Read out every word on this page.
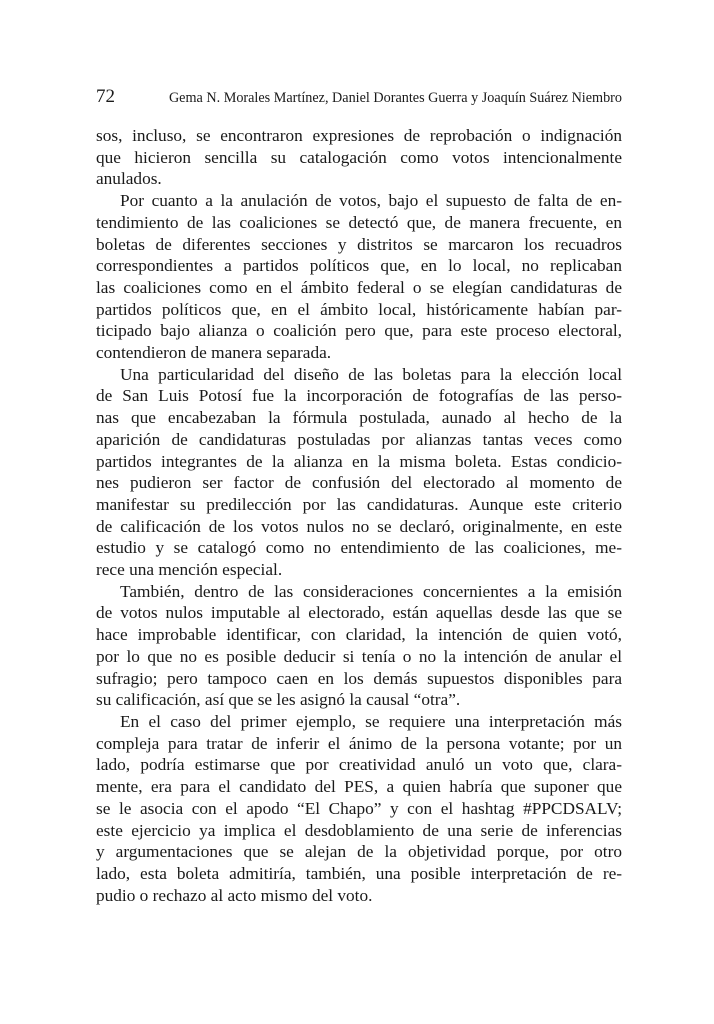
72	Gema N. Morales Martínez, Daniel Dorantes Guerra y Joaquín Suárez Niembro
sos, incluso, se encontraron expresiones de reprobación o indignación
que hicieron sencilla su catalogación como votos intencionalmente
anulados.
Por cuanto a la anulación de votos, bajo el supuesto de falta de en-
tendimiento de las coaliciones se detectó que, de manera frecuente, en
boletas de diferentes secciones y distritos se marcaron los recuadros
correspondientes a partidos políticos que, en lo local, no replicaban
las coaliciones como en el ámbito federal o se elegían candidaturas de
partidos políticos que, en el ámbito local, históricamente habían par-
ticipado bajo alianza o coalición pero que, para este proceso electoral,
contendieron de manera separada.
Una particularidad del diseño de las boletas para la elección local
de San Luis Potosí fue la incorporación de fotografías de las perso-
nas que encabezaban la fórmula postulada, aunado al hecho de la
aparición de candidaturas postuladas por alianzas tantas veces como
partidos integrantes de la alianza en la misma boleta. Estas condicio-
nes pudieron ser factor de confusión del electorado al momento de
manifestar su predilección por las candidaturas. Aunque este criterio
de calificación de los votos nulos no se declaró, originalmente, en este
estudio y se catalogó como no entendimiento de las coaliciones, me-
rece una mención especial.
También, dentro de las consideraciones concernientes a la emisión
de votos nulos imputable al electorado, están aquellas desde las que se
hace improbable identificar, con claridad, la intención de quien votó,
por lo que no es posible deducir si tenía o no la intención de anular el
sufragio; pero tampoco caen en los demás supuestos disponibles para
su calificación, así que se les asignó la causal “otra”.
En el caso del primer ejemplo, se requiere una interpretación más
compleja para tratar de inferir el ánimo de la persona votante; por un
lado, podría estimarse que por creatividad anuló un voto que, clara-
mente, era para el candidato del PES, a quien habría que suponer que
se le asocia con el apodo “El Chapo” y con el hashtag #PPCDSALV;
este ejercicio ya implica el desdoblamiento de una serie de inferencias
y argumentaciones que se alejan de la objetividad porque, por otro
lado, esta boleta admitiría, también, una posible interpretación de re-
pudio o rechazo al acto mismo del voto.
